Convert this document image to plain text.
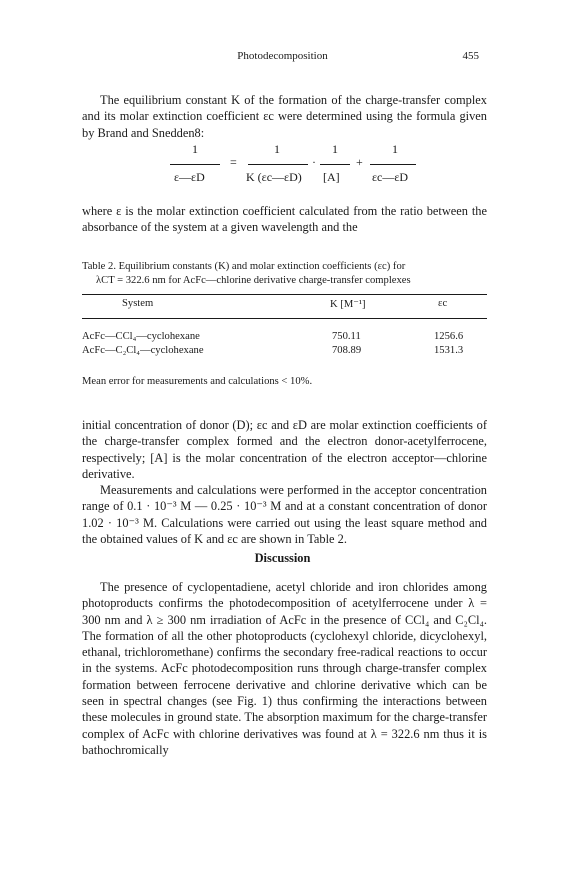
Photodecomposition	455

The equilibrium constant K of the formation of the charge-transfer complex and its molar extinction coefficient εc were determined using the formula given by Brand and Snedden8:

1
ε—εD
=
1
K (εc—εD)
·
1
[A]
+
1
εc—εD

where ε is the molar extinction coefficient calculated from the ratio between the absorbance of the system at a given wavelength and the

Table 2. Equilibrium constants (K) and molar extinction coefficients (εc) for
λCT = 322.6 nm for AcFc—chlorine derivative charge-transfer complexes
System	K [M⁻¹]	εc
AcFc—CCl₄—cyclohexane	750.11	1256.6
AcFc—C₂Cl₄—cyclohexane	708.89	1531.3
Mean error for measurements and calculations < 10%.

initial concentration of donor (D); εc and εD are molar extinction coefficients of the charge-transfer complex formed and the electron donor-acetylferrocene, respectively; [A] is the molar concentration of the electron acceptor—chlorine derivative.

Measurements and calculations were performed in the acceptor concentration range of 0.1 · 10⁻³ M — 0.25 · 10⁻³ M and at a constant concentration of donor 1.02 · 10⁻³ M. Calculations were carried out using the least square method and the obtained values of K and εc are shown in Table 2.

Discussion

The presence of cyclopentadiene, acetyl chloride and iron chlorides among photoproducts confirms the photodecomposition of acetylferrocene under λ = 300 nm and λ ≥ 300 nm irradiation of AcFc in the presence of CCl₄ and C₂Cl₄. The formation of all the other photoproducts (cyclohexyl chloride, dicyclohexyl, ethanal, trichloromethane) confirms the secondary free-radical reactions to occur in the systems. AcFc photodecomposition runs through charge-transfer complex formation between ferrocene derivative and chlorine derivative which can be seen in spectral changes (see Fig. 1) thus confirming the interactions between these molecules in ground state. The absorption maximum for the charge-transfer complex of AcFc with chlorine derivatives was found at λ = 322.6 nm thus it is bathochromically
